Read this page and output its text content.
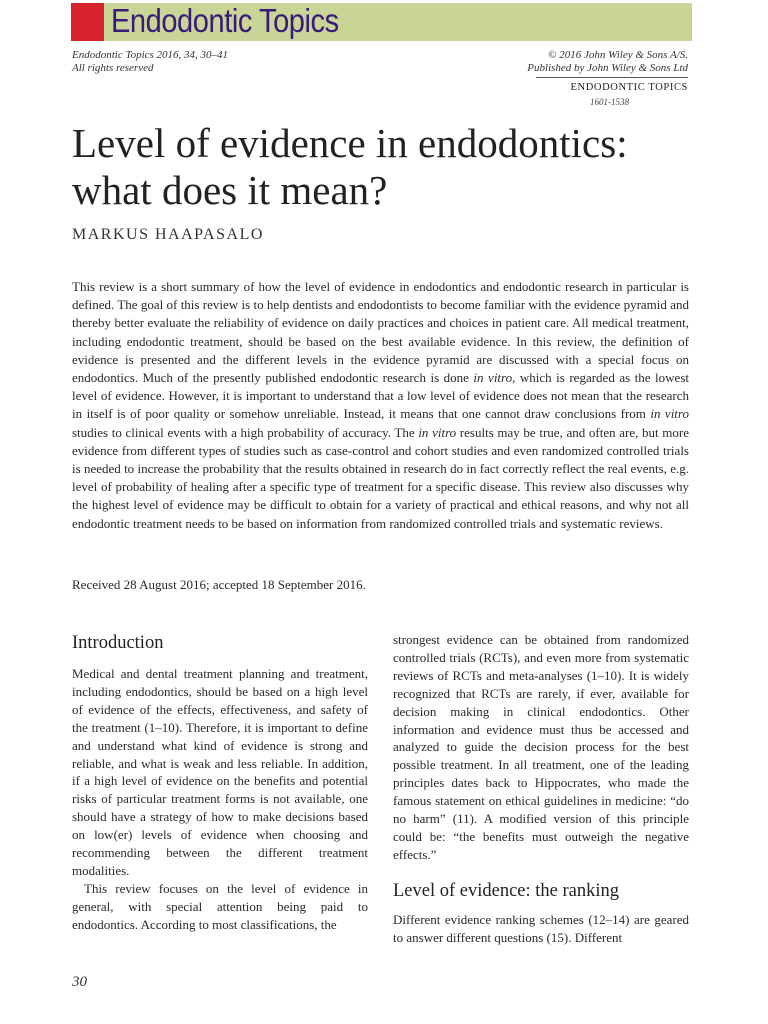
Endodontic Topics
Endodontic Topics 2016, 34, 30–41
All rights reserved
© 2016 John Wiley & Sons A/S.
Published by John Wiley & Sons Ltd
ENDODONTIC TOPICS
1601-1538
Level of evidence in endodontics: what does it mean?

MARKUS HAAPASALO

This review is a short summary of how the level of evidence in endodontics and endodontic research in particular is defined. The goal of this review is to help dentists and endodontists to become familiar with the evidence pyramid and thereby better evaluate the reliability of evidence on daily practices and choices in patient care. All medical treatment, including endodontic treatment, should be based on the best available evidence. In this review, the definition of evidence is presented and the different levels in the evidence pyramid are discussed with a special focus on endodontics. Much of the presently published endodontic research is done in vitro, which is regarded as the lowest level of evidence. However, it is important to understand that a low level of evidence does not mean that the research in itself is of poor quality or somehow unreliable. Instead, it means that one cannot draw conclusions from in vitro studies to clinical events with a high probability of accuracy. The in vitro results may be true, and often are, but more evidence from different types of studies such as case-control and cohort studies and even randomized controlled trials is needed to increase the probability that the results obtained in research do in fact correctly reflect the real events, e.g. level of probability of healing after a specific type of treatment for a specific disease. This review also discusses why the highest level of evidence may be difficult to obtain for a variety of practical and ethical reasons, and why not all endodontic treatment needs to be based on information from randomized controlled trials and systematic reviews.

Received 28 August 2016; accepted 18 September 2016.

Introduction

Medical and dental treatment planning and treatment, including endodontics, should be based on a high level of evidence of the effects, effectiveness, and safety of the treatment (1–10). Therefore, it is important to define and understand what kind of evidence is strong and reliable, and what is weak and less reliable. In addition, if a high level of evidence on the benefits and potential risks of particular treatment forms is not available, one should have a strategy of how to make decisions based on low(er) levels of evidence when choosing and recommending between the different treatment modalities.

This review focuses on the level of evidence in general, with special attention being paid to endodontics. According to most classifications, the

strongest evidence can be obtained from randomized controlled trials (RCTs), and even more from systematic reviews of RCTs and meta-analyses (1–10). It is widely recognized that RCTs are rarely, if ever, available for decision making in clinical endodontics. Other information and evidence must thus be accessed and analyzed to guide the decision process for the best possible treatment. In all treatment, one of the leading principles dates back to Hippocrates, who made the famous statement on ethical guidelines in medicine: “do no harm” (11). A modified version of this principle could be: “the benefits must outweigh the negative effects.”

Level of evidence: the ranking

Different evidence ranking schemes (12–14) are geared to answer different questions (15). Different

30
